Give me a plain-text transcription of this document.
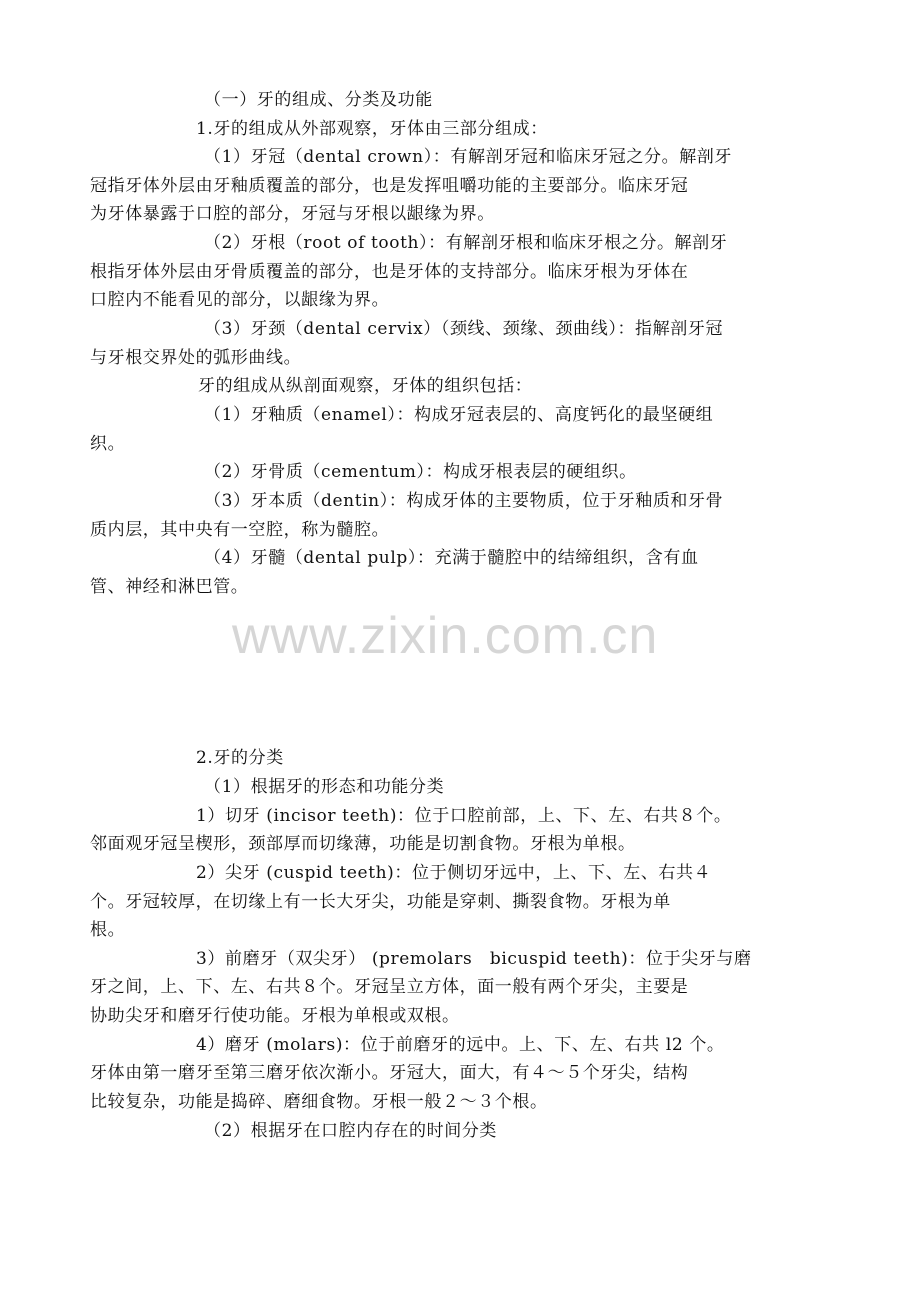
（一）牙的组成、分类及功能
1.牙的组成从外部观察，牙体由三部分组成：
（1）牙冠（dental crown）：有解剖牙冠和临床牙冠之分。解剖牙
冠指牙体外层由牙釉质覆盖的部分，也是发挥咀嚼功能的主要部分。临床牙冠
为牙体暴露于口腔的部分，牙冠与牙根以龈缘为界。
（2）牙根（root of tooth）：有解剖牙根和临床牙根之分。解剖牙
根指牙体外层由牙骨质覆盖的部分，也是牙体的支持部分。临床牙根为牙体在
口腔内不能看见的部分，以龈缘为界。
（3）牙颈（dental cervix）（颈线、颈缘、颈曲线）：指解剖牙冠
与牙根交界处的弧形曲线。
牙的组成从纵剖面观察，牙体的组织包括：
（1）牙釉质（enamel）：构成牙冠表层的、高度钙化的最坚硬组
织。
（2）牙骨质（cementum）：构成牙根表层的硬组织。
（3）牙本质（dentin）：构成牙体的主要物质，位于牙釉质和牙骨
质内层，其中央有一空腔，称为髓腔。
（4）牙髓（dental pulp）：充满于髓腔中的结缔组织，含有血
管、神经和淋巴管。
www.zixin.com.cn
2.牙的分类
（1）根据牙的形态和功能分类
1）切牙 (incisor teeth)：位于口腔前部，上、下、左、右共８个。
邻面观牙冠呈楔形，颈部厚而切缘薄，功能是切割食物。牙根为单根。
2）尖牙 (cuspid teeth)：位于侧切牙远中，上、下、左、右共４
个。牙冠较厚，在切缘上有一长大牙尖，功能是穿刺、撕裂食物。牙根为单
根。
3）前磨牙（双尖牙） (premolars　bicuspid teeth)：位于尖牙与磨
牙之间，上、下、左、右共８个。牙冠呈立方体，面一般有两个牙尖，主要是
协助尖牙和磨牙行使功能。牙根为单根或双根。
4）磨牙 (molars)：位于前磨牙的远中。上、下、左、右共 l2 个。
牙体由第一磨牙至第三磨牙依次渐小。牙冠大，面大，有４～５个牙尖，结构
比较复杂，功能是捣碎、磨细食物。牙根一般２～３个根。
（2）根据牙在口腔内存在的时间分类
